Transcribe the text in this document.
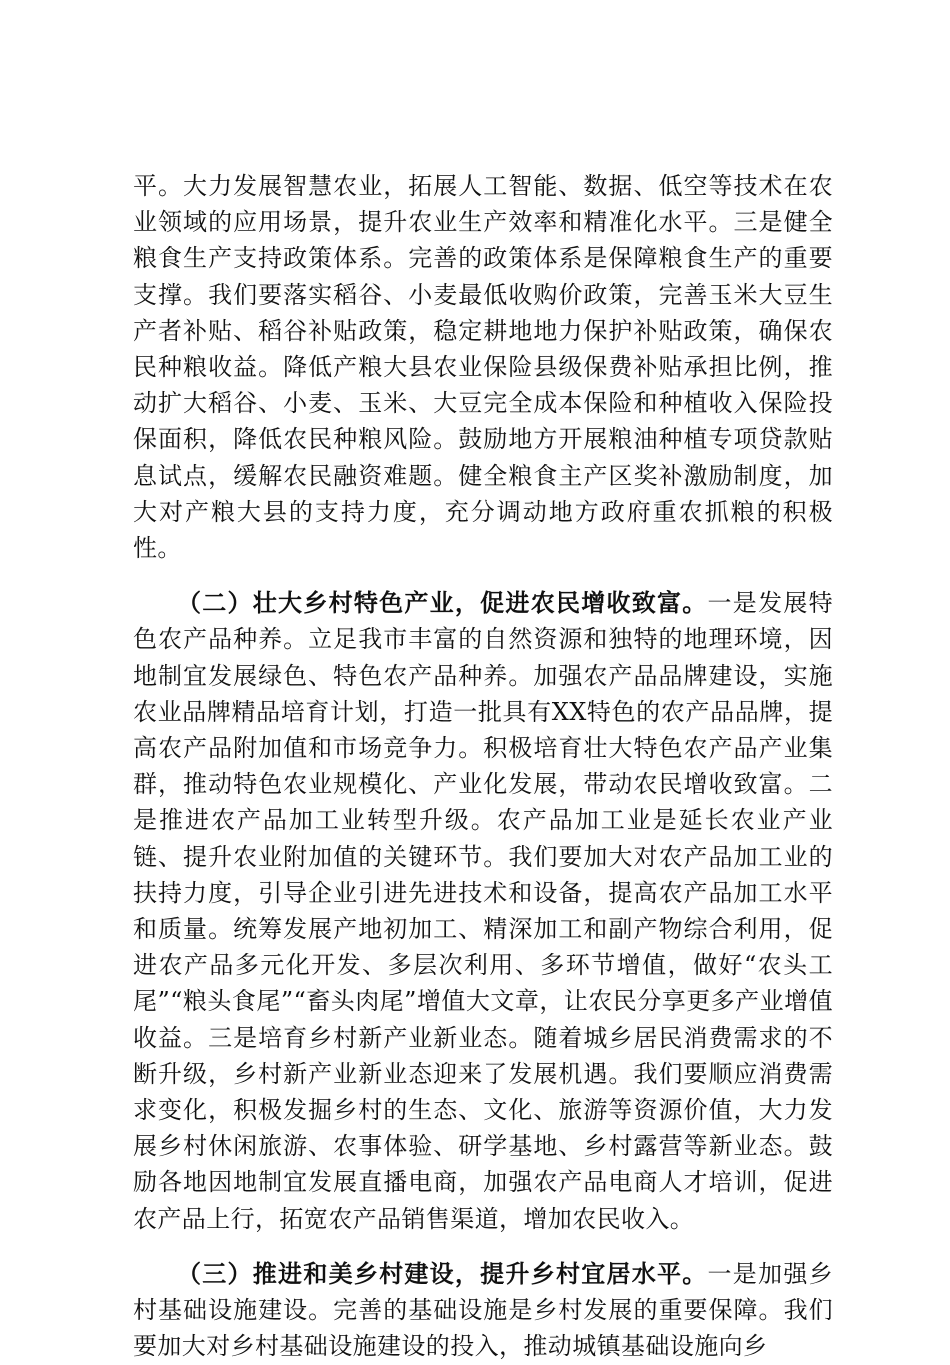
平。大力发展智慧农业，拓展人工智能、数据、低空等技术在农业领域的应用场景，提升农业生产效率和精准化水平。三是健全粮食生产支持政策体系。完善的政策体系是保障粮食生产的重要支撑。我们要落实稻谷、小麦最低收购价政策，完善玉米大豆生产者补贴、稻谷补贴政策，稳定耕地地力保护补贴政策，确保农民种粮收益。降低产粮大县农业保险县级保费补贴承担比例，推动扩大稻谷、小麦、玉米、大豆完全成本保险和种植收入保险投保面积，降低农民种粮风险。鼓励地方开展粮油种植专项贷款贴息试点，缓解农民融资难题。健全粮食主产区奖补激励制度，加大对产粮大县的支持力度，充分调动地方政府重农抓粮的积极性。

（二）壮大乡村特色产业，促进农民增收致富。一是发展特色农产品种养。立足我市丰富的自然资源和独特的地理环境，因地制宜发展绿色、特色农产品种养。加强农产品品牌建设，实施农业品牌精品培育计划，打造一批具有XX特色的农产品品牌，提高农产品附加值和市场竞争力。积极培育壮大特色农产品产业集群，推动特色农业规模化、产业化发展，带动农民增收致富。二是推进农产品加工业转型升级。农产品加工业是延长农业产业链、提升农业附加值的关键环节。我们要加大对农产品加工业的扶持力度，引导企业引进先进技术和设备，提高农产品加工水平和质量。统筹发展产地初加工、精深加工和副产物综合利用，促进农产品多元化开发、多层次利用、多环节增值，做好“农头工尾”“粮头食尾”“畜头肉尾”增值大文章，让农民分享更多产业增值收益。三是培育乡村新产业新业态。随着城乡居民消费需求的不断升级，乡村新产业新业态迎来了发展机遇。我们要顺应消费需求变化，积极发掘乡村的生态、文化、旅游等资源价值，大力发展乡村休闲旅游、农事体验、研学基地、乡村露营等新业态。鼓励各地因地制宜发展直播电商，加强农产品电商人才培训，促进农产品上行，拓宽农产品销售渠道，增加农民收入。

（三）推进和美乡村建设，提升乡村宜居水平。一是加强乡村基础设施建设。完善的基础设施是乡村发展的重要保障。我们要加大对乡村基础设施建设的投入，推动城镇基础设施向乡
